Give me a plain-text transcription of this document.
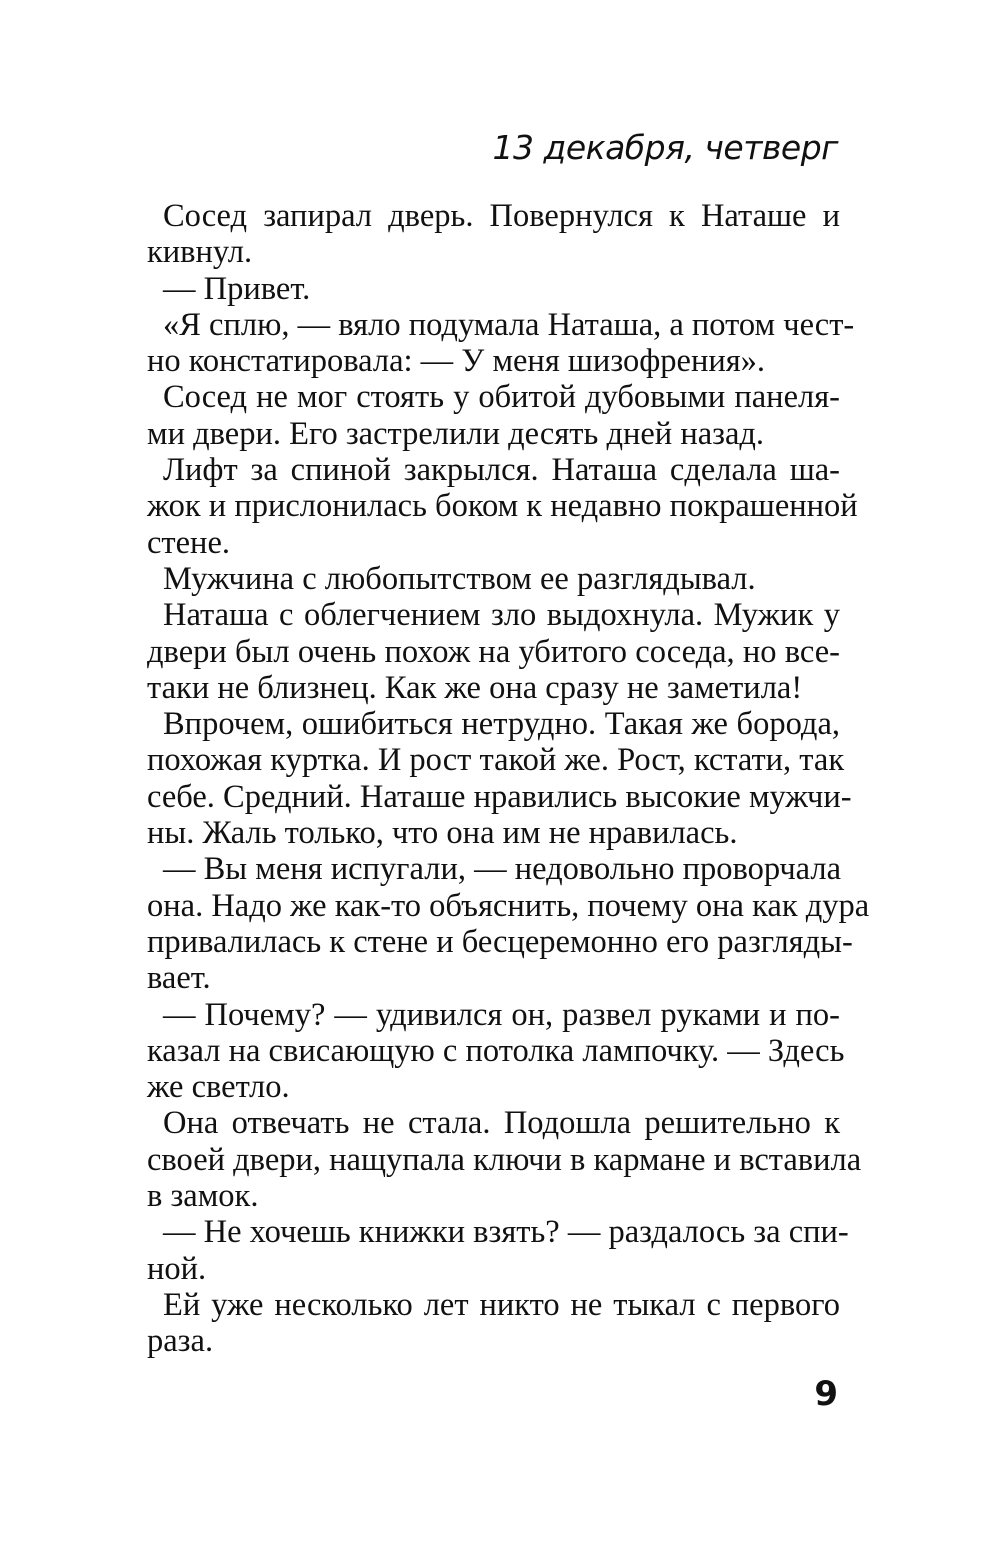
13 декабря, четверг
Сосед запирал дверь. Повернулся к Наташе и
кивнул.
— Привет.
«Я сплю, — вяло подумала Наташа, а потом чест-
но констатировала: — У меня шизофрения».
Сосед не мог стоять у обитой дубовыми панеля-
ми двери. Его застрелили десять дней назад.
Лифт за спиной закрылся. Наташа сделала ша-
жок и прислонилась боком к недавно покрашенной
стене.
Мужчина с любопытством ее разглядывал.
Наташа с облегчением зло выдохнула. Мужик у
двери был очень похож на убитого соседа, но все-
таки не близнец. Как же она сразу не заметила!
Впрочем, ошибиться нетрудно. Такая же борода,
похожая куртка. И рост такой же. Рост, кстати, так
себе. Средний. Наташе нравились высокие мужчи-
ны. Жаль только, что она им не нравилась.
— Вы меня испугали, — недовольно проворчала
она. Надо же как-то объяснить, почему она как дура
привалилась к стене и бесцеремонно его разгляды-
вает.
— Почему? — удивился он, развел руками и по-
казал на свисающую с потолка лампочку. — Здесь
же светло.
Она отвечать не стала. Подошла решительно к
своей двери, нащупала ключи в кармане и вставила
в замок.
— Не хочешь книжки взять? — раздалось за спи-
ной.
Ей уже несколько лет никто не тыкал с первого
раза.
9
